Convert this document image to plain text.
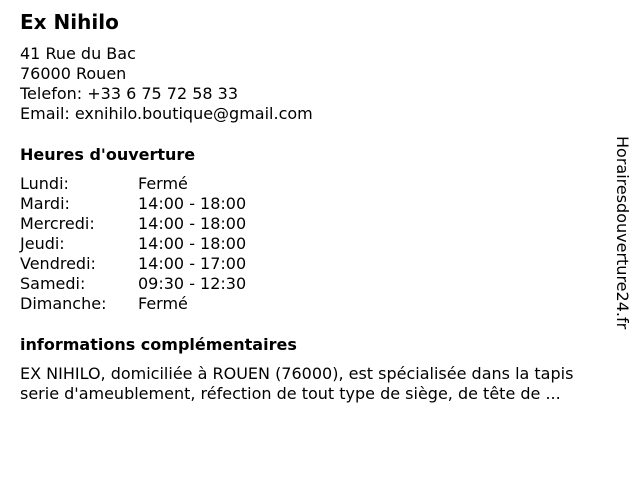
Ex Nihilo
41 Rue du Bac
76000 Rouen
Telefon: +33 6 75 72 58 33
Email: exnihilo.boutique@gmail.com
Heures d'ouverture
Lundi:	Fermé
Mardi:	14:00 - 18:00
Mercredi:	14:00 - 18:00
Jeudi:	14:00 - 18:00
Vendredi:	14:00 - 17:00
Samedi:	09:30 - 12:30
Dimanche:	Fermé
informations complémentaires
EX NIHILO, domiciliée à ROUEN (76000), est spécialisée dans la tapis
serie d'ameublement, réfection de tout type de siège, de tête de ...
Horairesdouverture24.fr
